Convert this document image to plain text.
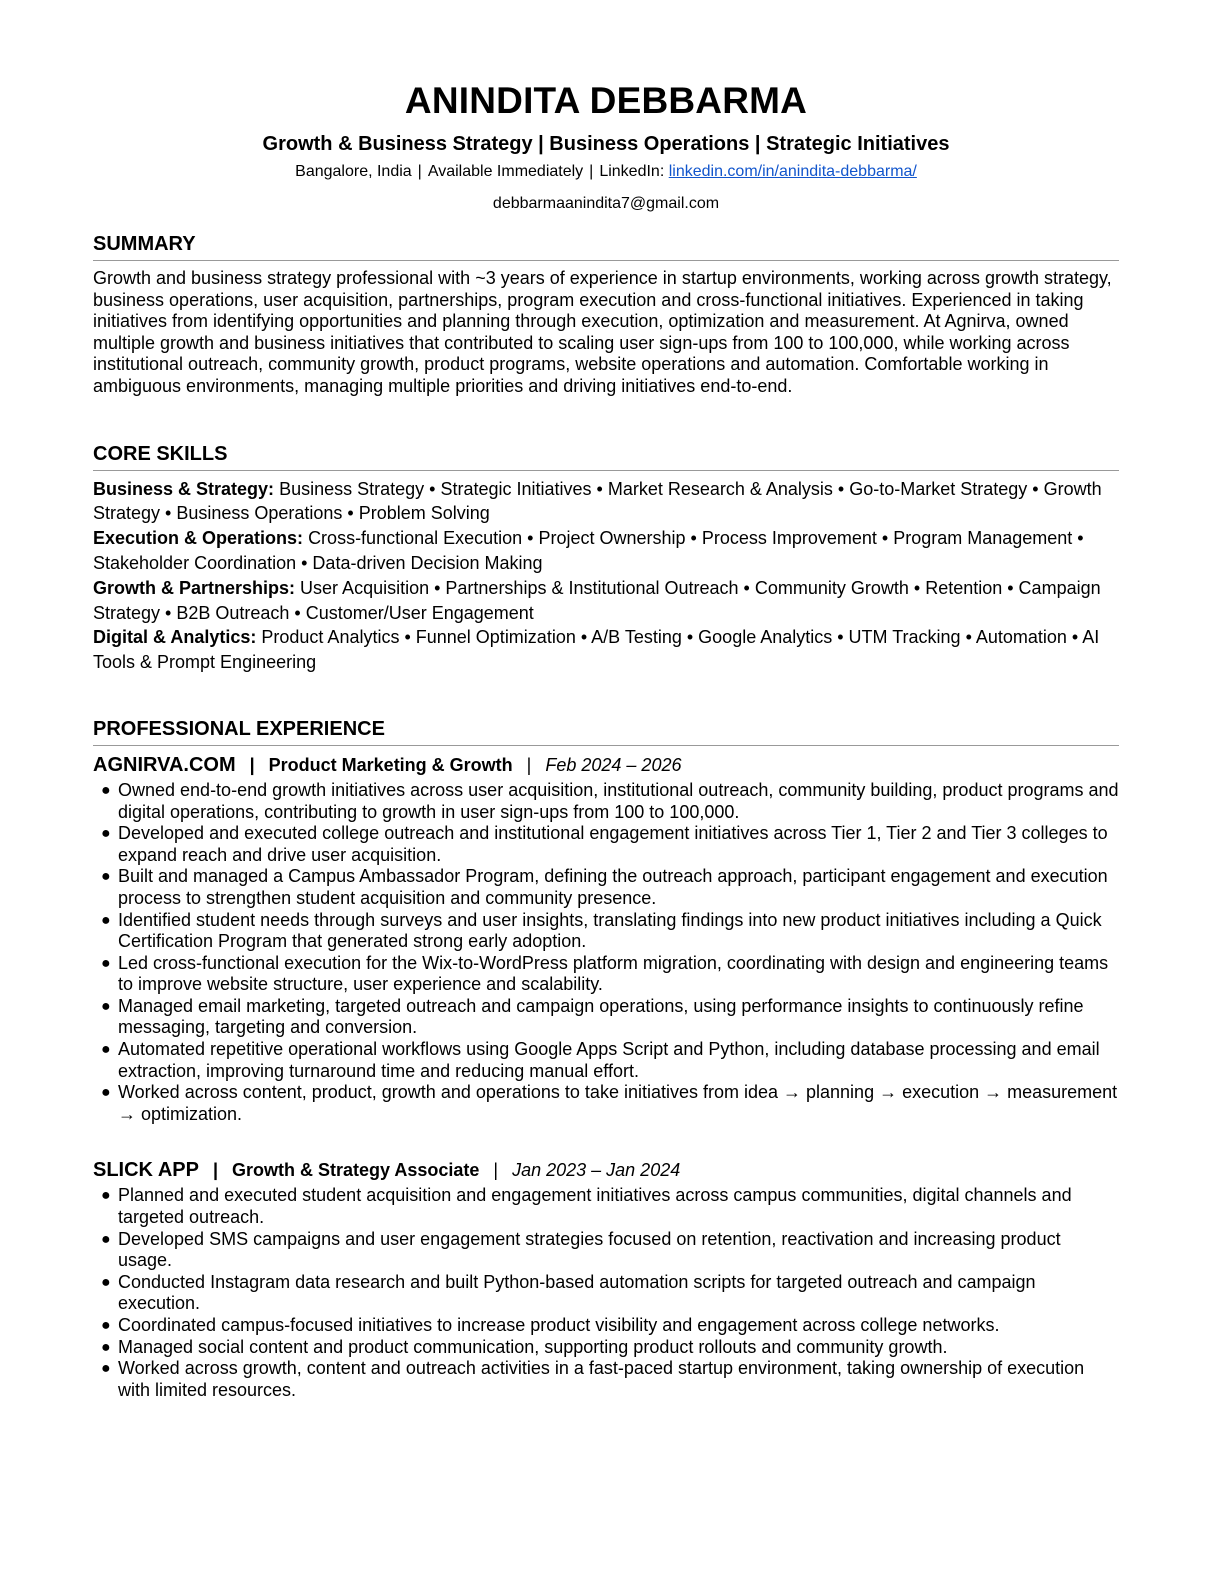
ANINDITA DEBBARMA
Growth & Business Strategy | Business Operations | Strategic Initiatives
Bangalore, India | Available Immediately | LinkedIn: linkedin.com/in/anindita-debbarma/
debbarmaanindita7@gmail.com
SUMMARY
Growth and business strategy professional with ~3 years of experience in startup environments, working across growth strategy, business operations, user acquisition, partnerships, program execution and cross-functional initiatives. Experienced in taking initiatives from identifying opportunities and planning through execution, optimization and measurement. At Agnirva, owned multiple growth and business initiatives that contributed to scaling user sign-ups from 100 to 100,000, while working across institutional outreach, community growth, product programs, website operations and automation. Comfortable working in ambiguous environments, managing multiple priorities and driving initiatives end-to-end.
CORE SKILLS
Business & Strategy: Business Strategy • Strategic Initiatives • Market Research & Analysis • Go-to-Market Strategy • Growth Strategy • Business Operations • Problem Solving
Execution & Operations: Cross-functional Execution • Project Ownership • Process Improvement • Program Management • Stakeholder Coordination • Data-driven Decision Making
Growth & Partnerships: User Acquisition • Partnerships & Institutional Outreach • Community Growth • Retention • Campaign Strategy • B2B Outreach • Customer/User Engagement
Digital & Analytics: Product Analytics • Funnel Optimization • A/B Testing • Google Analytics • UTM Tracking • Automation • AI Tools & Prompt Engineering
PROFESSIONAL EXPERIENCE
AGNIRVA.COM | Product Marketing & Growth | Feb 2024 – 2026
● Owned end-to-end growth initiatives across user acquisition, institutional outreach, community building, product programs and digital operations, contributing to growth in user sign-ups from 100 to 100,000.
● Developed and executed college outreach and institutional engagement initiatives across Tier 1, Tier 2 and Tier 3 colleges to expand reach and drive user acquisition.
● Built and managed a Campus Ambassador Program, defining the outreach approach, participant engagement and execution process to strengthen student acquisition and community presence.
● Identified student needs through surveys and user insights, translating findings into new product initiatives including a Quick Certification Program that generated strong early adoption.
● Led cross-functional execution for the Wix-to-WordPress platform migration, coordinating with design and engineering teams to improve website structure, user experience and scalability.
● Managed email marketing, targeted outreach and campaign operations, using performance insights to continuously refine messaging, targeting and conversion.
● Automated repetitive operational workflows using Google Apps Script and Python, including database processing and email extraction, improving turnaround time and reducing manual effort.
● Worked across content, product, growth and operations to take initiatives from idea → planning → execution → measurement → optimization.
SLICK APP | Growth & Strategy Associate | Jan 2023 – Jan 2024
● Planned and executed student acquisition and engagement initiatives across campus communities, digital channels and targeted outreach.
● Developed SMS campaigns and user engagement strategies focused on retention, reactivation and increasing product usage.
● Conducted Instagram data research and built Python-based automation scripts for targeted outreach and campaign execution.
● Coordinated campus-focused initiatives to increase product visibility and engagement across college networks.
● Managed social content and product communication, supporting product rollouts and community growth.
● Worked across growth, content and outreach activities in a fast-paced startup environment, taking ownership of execution with limited resources.
